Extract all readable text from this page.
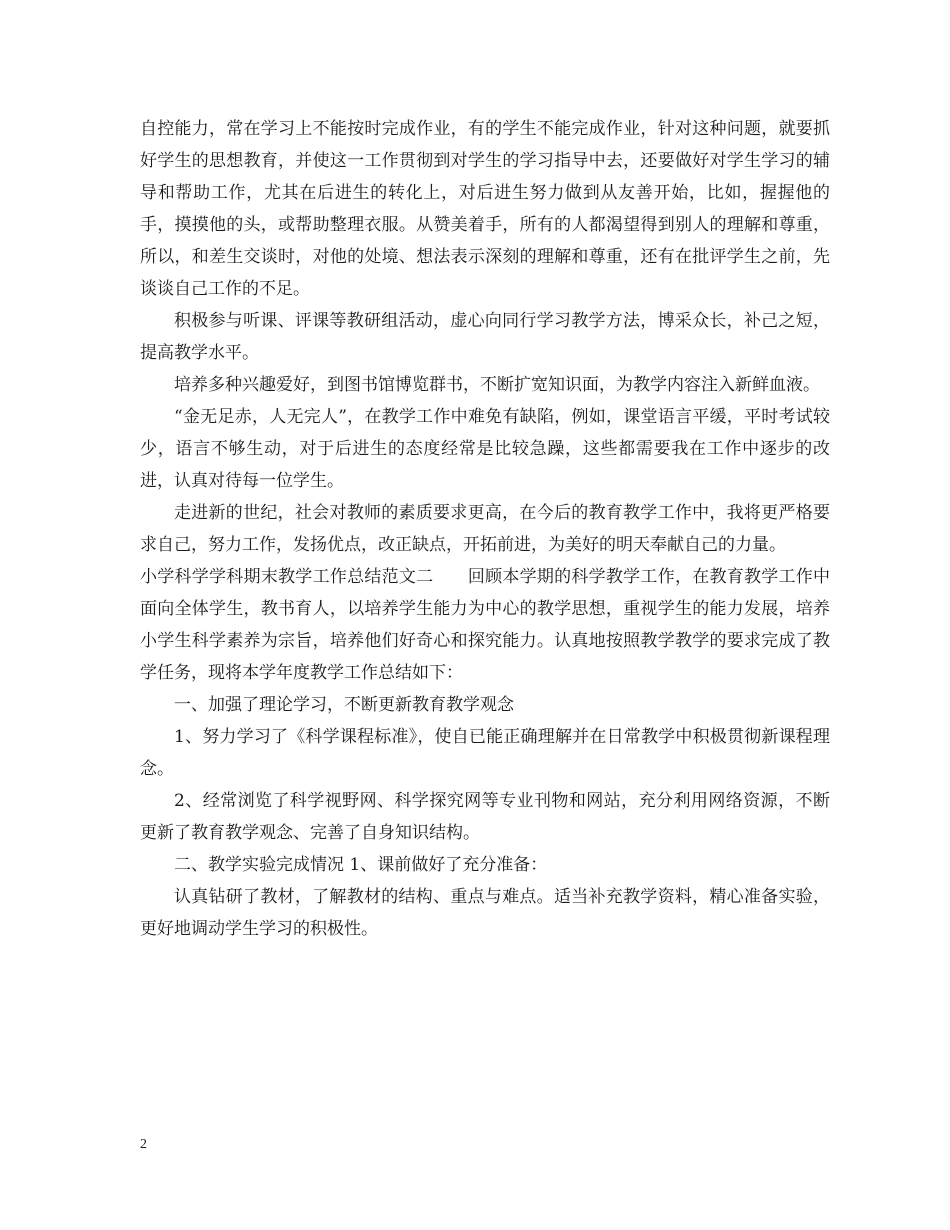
自控能力，常在学习上不能按时完成作业，有的学生不能完成作业，针对这种问题，就要抓好学生的思想教育，并使这一工作贯彻到对学生的学习指导中去，还要做好对学生学习的辅导和帮助工作，尤其在后进生的转化上，对后进生努力做到从友善开始，比如，握握他的手，摸摸他的头，或帮助整理衣服。从赞美着手，所有的人都渴望得到别人的理解和尊重，所以，和差生交谈时，对他的处境、想法表示深刻的理解和尊重，还有在批评学生之前，先谈谈自己工作的不足。

积极参与听课、评课等教研组活动，虚心向同行学习教学方法，博采众长，补己之短，提高教学水平。

培养多种兴趣爱好，到图书馆博览群书，不断扩宽知识面，为教学内容注入新鲜血液。

“金无足赤，人无完人”，在教学工作中难免有缺陷，例如，课堂语言平缓，平时考试较少，语言不够生动，对于后进生的态度经常是比较急躁，这些都需要我在工作中逐步的改进，认真对待每一位学生。

走进新的世纪，社会对教师的素质要求更高，在今后的教育教学工作中，我将更严格要求自己，努力工作，发扬优点，改正缺点，开拓前进，为美好的明天奉献自己的力量。

小学科学学科期末教学工作总结范文二　　回顾本学期的科学教学工作，在教育教学工作中面向全体学生，教书育人，以培养学生能力为中心的教学思想，重视学生的能力发展，培养小学生科学素养为宗旨，培养他们好奇心和探究能力。认真地按照教学教学的要求完成了教学任务，现将本学年度教学工作总结如下：

一、加强了理论学习，不断更新教育教学观念

1、努力学习了《科学课程标准》，使自已能正确理解并在日常教学中积极贯彻新课程理念。

2、经常浏览了科学视野网、科学探究网等专业刊物和网站，充分利用网络资源，不断更新了教育教学观念、完善了自身知识结构。

二、教学实验完成情况 1、课前做好了充分准备：

认真钻研了教材，了解教材的结构、重点与难点。适当补充教学资料，精心准备实验，更好地调动学生学习的积极性。

2
